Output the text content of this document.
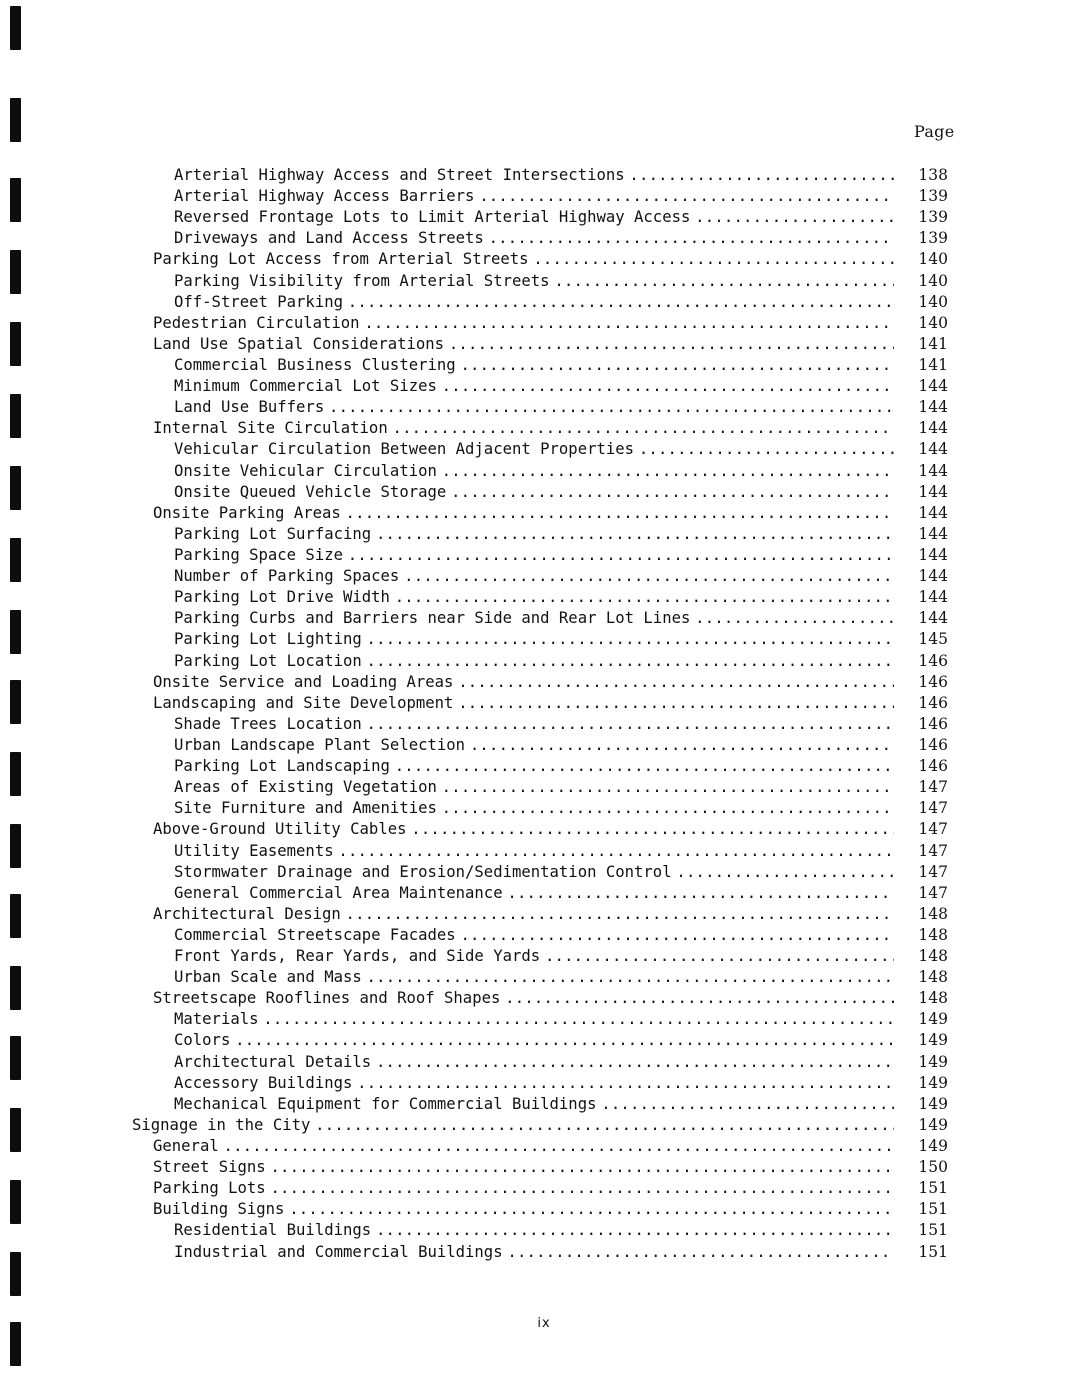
Page
Arterial Highway Access and Street Intersections . . .	138
Arterial Highway Access Barriers . . .	139
Reversed Frontage Lots to Limit Arterial Highway Access . . .	139
Driveways and Land Access Streets . . .	139
Parking Lot Access from Arterial Streets . . .	140
Parking Visibility from Arterial Streets . . .	140
Off-Street Parking . . .	140
Pedestrian Circulation . . .	140
Land Use Spatial Considerations . . .	141
Commercial Business Clustering . . .	141
Minimum Commercial Lot Sizes . . .	144
Land Use Buffers . . .	144
Internal Site Circulation . . .	144
Vehicular Circulation Between Adjacent Properties . . .	144
Onsite Vehicular Circulation . . .	144
Onsite Queued Vehicle Storage . . .	144
Onsite Parking Areas . . .	144
Parking Lot Surfacing . . .	144
Parking Space Size . . .	144
Number of Parking Spaces . . .	144
Parking Lot Drive Width . . .	144
Parking Curbs and Barriers near Side and Rear Lot Lines . . .	144
Parking Lot Lighting . . .	145
Parking Lot Location . . .	146
Onsite Service and Loading Areas . . .	146
Landscaping and Site Development . . .	146
Shade Trees Location . . .	146
Urban Landscape Plant Selection . . .	146
Parking Lot Landscaping . . .	146
Areas of Existing Vegetation . . .	147
Site Furniture and Amenities . . .	147
Above-Ground Utility Cables . . .	147
Utility Easements . . .	147
Stormwater Drainage and Erosion/Sedimentation Control . . .	147
General Commercial Area Maintenance . . .	147
Architectural Design . . .	148
Commercial Streetscape Facades . . .	148
Front Yards, Rear Yards, and Side Yards . . .	148
Urban Scale and Mass . . .	148
Streetscape Rooflines and Roof Shapes . . .	148
Materials . . .	149
Colors . . .	149
Architectural Details . . .	149
Accessory Buildings . . .	149
Mechanical Equipment for Commercial Buildings . . .	149
Signage in the City . . .	149
General . . .	149
Street Signs . . .	150
Parking Lots . . .	151
Building Signs . . .	151
Residential Buildings . . .	151
Industrial and Commercial Buildings . . .	151
ix
